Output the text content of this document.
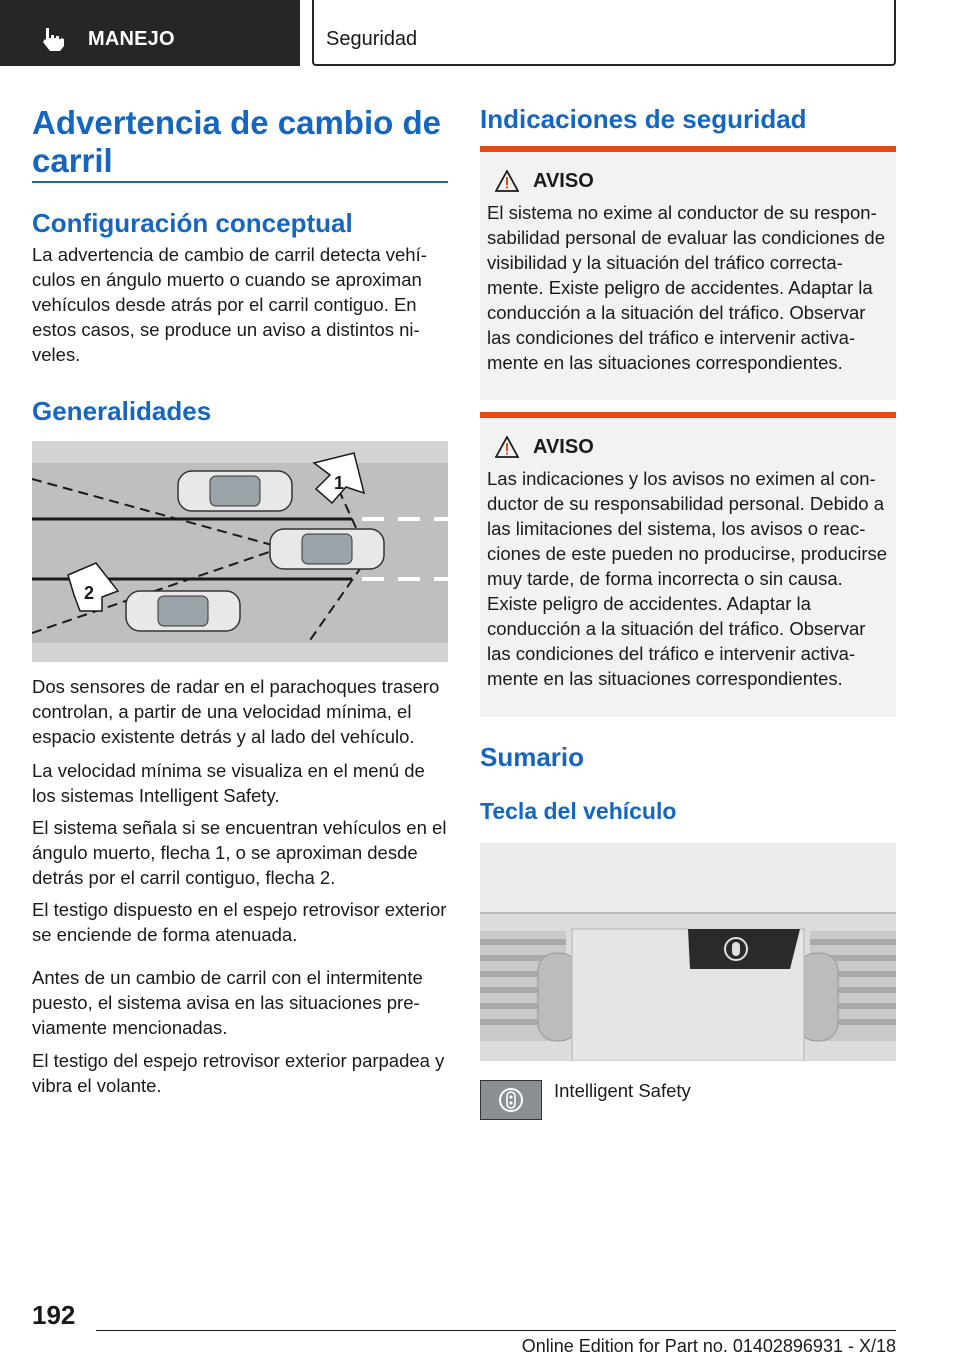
MANEJO	Seguridad
Advertencia de cambio de carril
Configuración conceptual

La advertencia de cambio de carril detecta vehículos en ángulo muerto o cuando se aproximan vehículos desde atrás por el carril contiguo. En estos casos, se produce un aviso a distintos niveles.

Generalidades
1
2

Dos sensores de radar en el parachoques trasero controlan, a partir de una velocidad mínima, el espacio existente detrás y al lado del vehículo.

La velocidad mínima se visualiza en el menú de los sistemas Intelligent Safety.

El sistema señala si se encuentran vehículos en el ángulo muerto, flecha 1, o se aproximan desde detrás por el carril contiguo, flecha 2.

El testigo dispuesto en el espejo retrovisor exterior se enciende de forma atenuada.

Antes de un cambio de carril con el intermitente puesto, el sistema avisa en las situaciones previamente mencionadas.

El testigo del espejo retrovisor exterior parpadea y vibra el volante.

Indicaciones de seguridad
AVISO
El sistema no exime al conductor de su responsabilidad personal de evaluar las condiciones de visibilidad y la situación del tráfico correctamente. Existe peligro de accidentes. Adaptar la conducción a la situación del tráfico. Observar las condiciones del tráfico e intervenir activamente en las situaciones correspondientes.
AVISO
Las indicaciones y los avisos no eximen al conductor de su responsabilidad personal. Debido a las limitaciones del sistema, los avisos o reacciones de este pueden no producirse, producirse muy tarde, de forma incorrecta o sin causa. Existe peligro de accidentes. Adaptar la conducción a la situación del tráfico. Observar las condiciones del tráfico e intervenir activamente en las situaciones correspondientes.
Sumario
Tecla del vehículo

Intelligent Safety

192
Online Edition for Part no. 01402896931 - X/18
